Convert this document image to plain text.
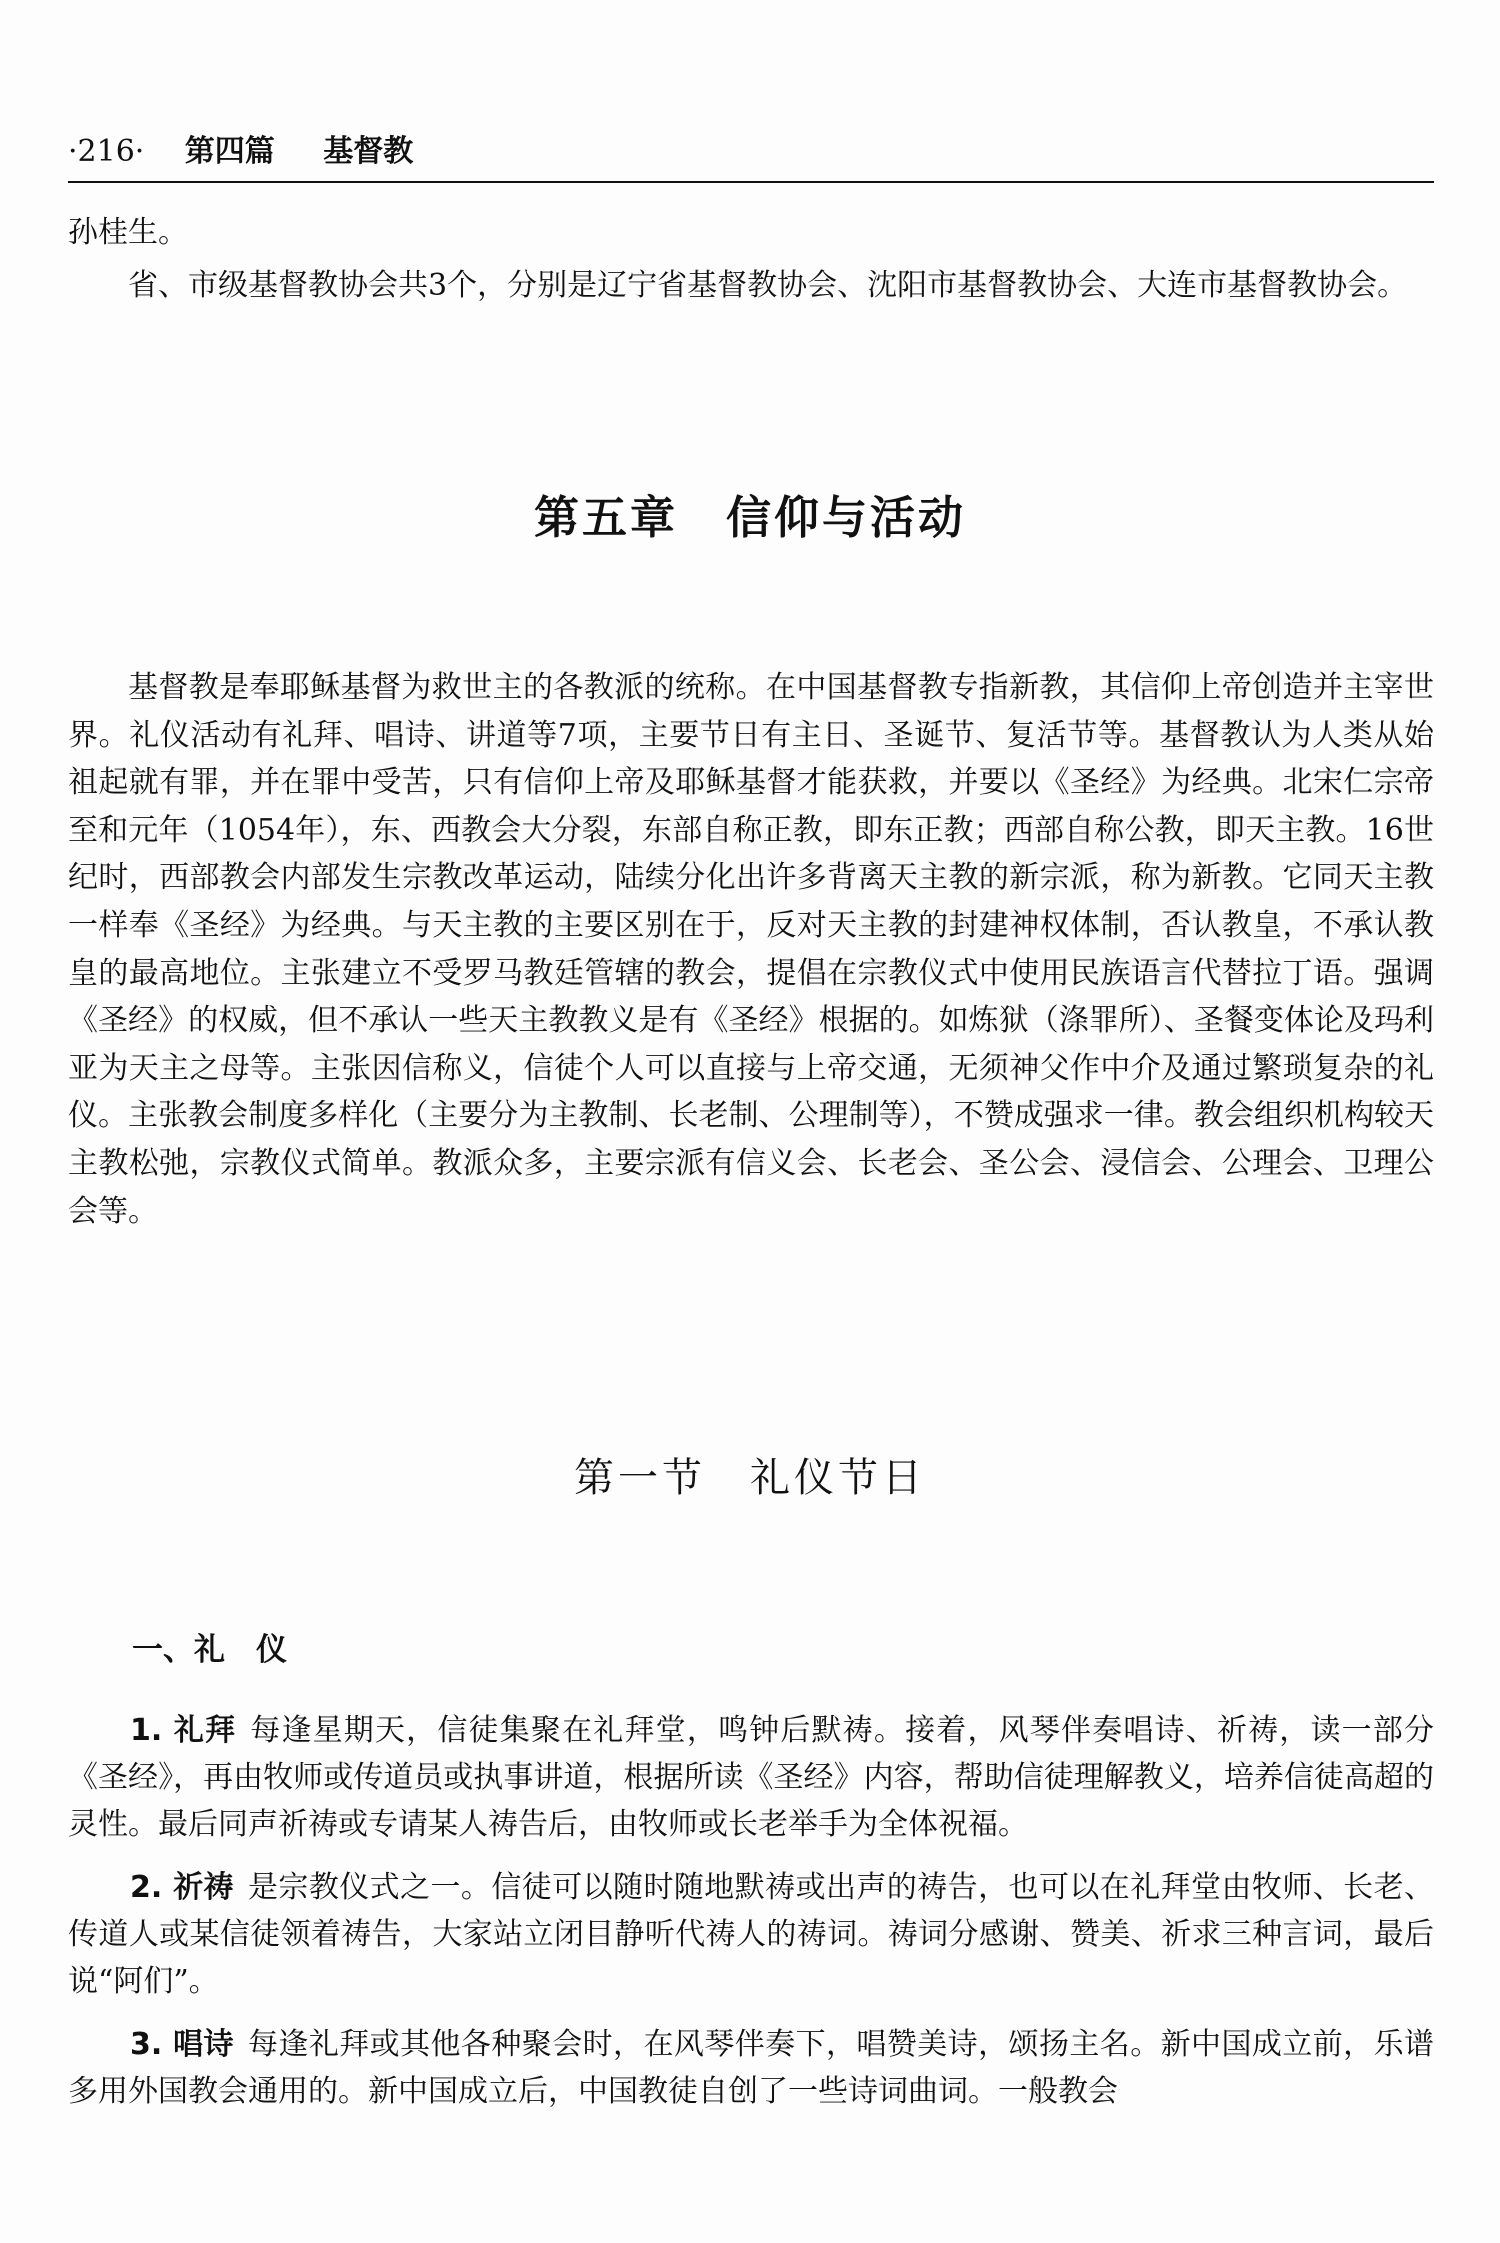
·216· 第四篇 基督教

孙桂生。

省、市级基督教协会共3个，分别是辽宁省基督教协会、沈阳市基督教协会、大连市基督教协会。

第五章　信仰与活动

基督教是奉耶稣基督为救世主的各教派的统称。在中国基督教专指新教，其信仰上帝创造并主宰世界。礼仪活动有礼拜、唱诗、讲道等7项，主要节日有主日、圣诞节、复活节等。基督教认为人类从始祖起就有罪，并在罪中受苦，只有信仰上帝及耶稣基督才能获救，并要以《圣经》为经典。北宋仁宗帝至和元年（1054年），东、西教会大分裂，东部自称正教，即东正教；西部自称公教，即天主教。16世纪时，西部教会内部发生宗教改革运动，陆续分化出许多背离天主教的新宗派，称为新教。它同天主教一样奉《圣经》为经典。与天主教的主要区别在于，反对天主教的封建神权体制，否认教皇，不承认教皇的最高地位。主张建立不受罗马教廷管辖的教会，提倡在宗教仪式中使用民族语言代替拉丁语。强调《圣经》的权威，但不承认一些天主教教义是有《圣经》根据的。如炼狱（涤罪所）、圣餐变体论及玛利亚为天主之母等。主张因信称义，信徒个人可以直接与上帝交通，无须神父作中介及通过繁琐复杂的礼仪。主张教会制度多样化（主要分为主教制、长老制、公理制等），不赞成强求一律。教会组织机构较天主教松弛，宗教仪式简单。教派众多，主要宗派有信义会、长老会、圣公会、浸信会、公理会、卫理公会等。

第一节　礼仪节日
一、礼　仪

1. 礼拜 每逢星期天，信徒集聚在礼拜堂，鸣钟后默祷。接着，风琴伴奏唱诗、祈祷，读一部分《圣经》，再由牧师或传道员或执事讲道，根据所读《圣经》内容，帮助信徒理解教义，培养信徒高超的灵性。最后同声祈祷或专请某人祷告后，由牧师或长老举手为全体祝福。

2. 祈祷 是宗教仪式之一。信徒可以随时随地默祷或出声的祷告，也可以在礼拜堂由牧师、长老、传道人或某信徒领着祷告，大家站立闭目静听代祷人的祷词。祷词分感谢、赞美、祈求三种言词，最后说“阿们”。

3. 唱诗 每逢礼拜或其他各种聚会时，在风琴伴奏下，唱赞美诗，颂扬主名。新中国成立前，乐谱多用外国教会通用的。新中国成立后，中国教徒自创了一些诗词曲词。一般教会
